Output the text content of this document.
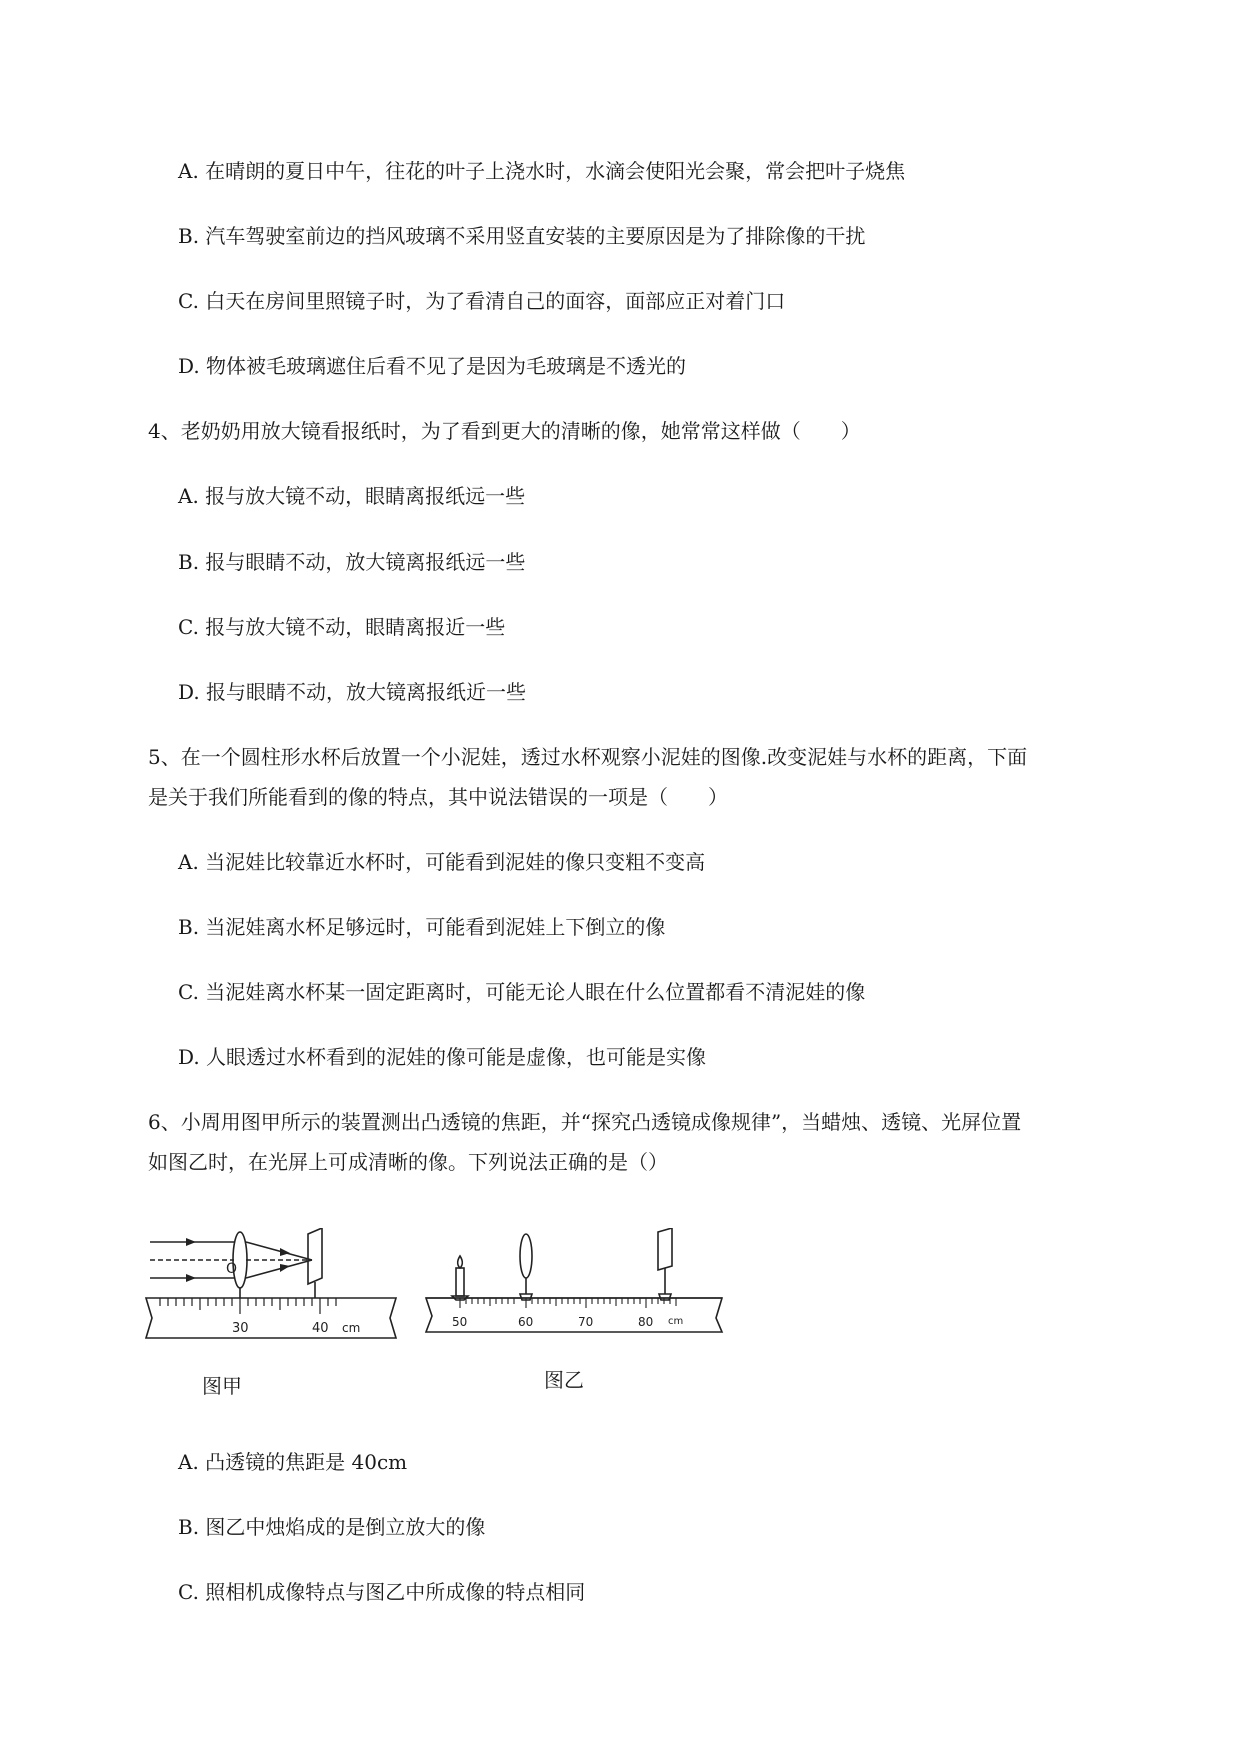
A. 在晴朗的夏日中午，往花的叶子上浇水时，水滴会使阳光会聚，常会把叶子烧焦
B. 汽车驾驶室前边的挡风玻璃不采用竖直安装的主要原因是为了排除像的干扰
C. 白天在房间里照镜子时，为了看清自己的面容，面部应正对着门口
D. 物体被毛玻璃遮住后看不见了是因为毛玻璃是不透光的
4、老奶奶用放大镜看报纸时，为了看到更大的清晰的像，她常常这样做（　　）
A. 报与放大镜不动，眼睛离报纸远一些
B. 报与眼睛不动，放大镜离报纸远一些
C. 报与放大镜不动，眼睛离报近一些
D. 报与眼睛不动，放大镜离报纸近一些
5、在一个圆柱形水杯后放置一个小泥娃，透过水杯观察小泥娃的图像.改变泥娃与水杯的距离，下面
是关于我们所能看到的像的特点，其中说法错误的一项是（　　）
A. 当泥娃比较靠近水杯时，可能看到泥娃的像只变粗不变高
B. 当泥娃离水杯足够远时，可能看到泥娃上下倒立的像
C. 当泥娃离水杯某一固定距离时，可能无论人眼在什么位置都看不清泥娃的像
D. 人眼透过水杯看到的泥娃的像可能是虚像，也可能是实像
6、小周用图甲所示的装置测出凸透镜的焦距，并“探究凸透镜成像规律”，当蜡烛、透镜、光屏位置
如图乙时，在光屏上可成清晰的像。下列说法正确的是（）
O
30	40 cm	50	60	70	80 cm
图甲	图乙
A. 凸透镜的焦距是 40cm
B. 图乙中烛焰成的是倒立放大的像
C. 照相机成像特点与图乙中所成像的特点相同
